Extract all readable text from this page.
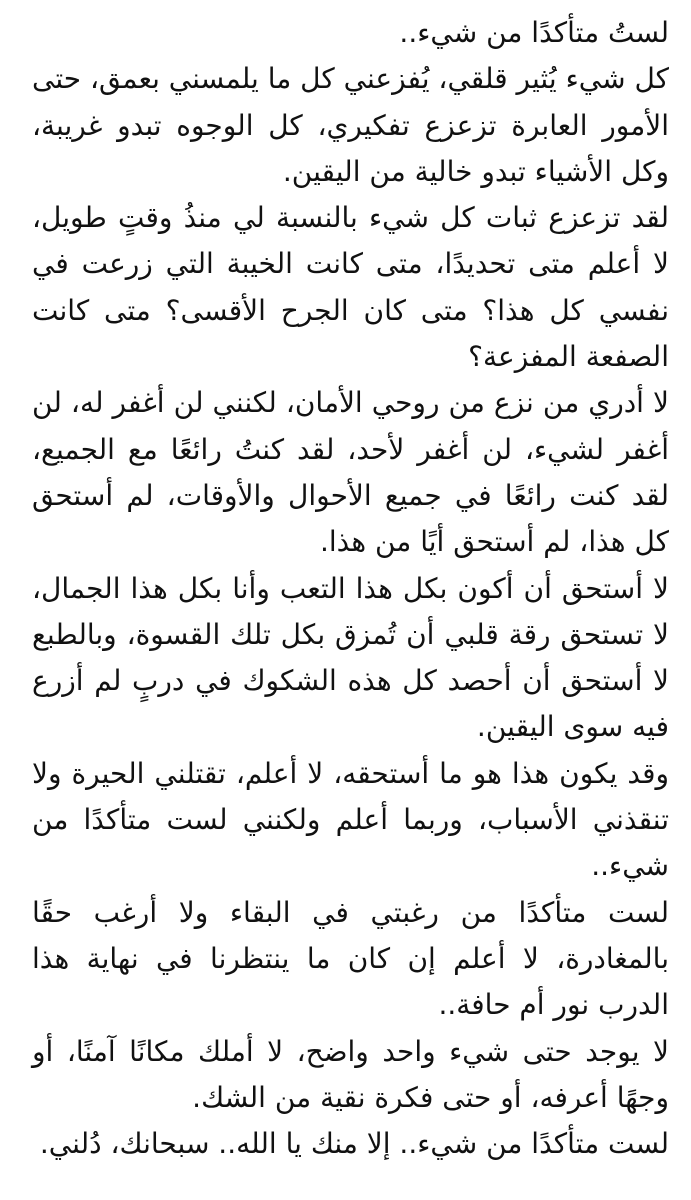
لستُ متأكدًا من شيء..

كل شيء يُثير قلقي، يُفزعني كل ما يلمسني بعمق، حتى الأمور العابرة تزعزع تفكيري، كل الوجوه تبدو غريبة، وكل الأشياء تبدو خالية من اليقين.

لقد تزعزع ثبات كل شيء بالنسبة لي منذُ وقتٍ طويل، لا أعلم متى تحديدًا، متى كانت الخيبة التي زرعت في نفسي كل هذا؟ متى كان الجرح الأقسى؟ متى كانت الصفعة المفزعة؟

لا أدري من نزع من روحي الأمان، لكنني لن أغفر له، لن أغفر لشيء، لن أغفر لأحد، لقد كنتُ رائعًا مع الجميع، لقد كنت رائعًا في جميع الأحوال والأوقات، لم أستحق كل هذا، لم أستحق أيًا من هذا.

لا أستحق أن أكون بكل هذا التعب وأنا بكل هذا الجمال، لا تستحق رقة قلبي أن تُمزق بكل تلك القسوة، وبالطبع لا أستحق أن أحصد كل هذه الشكوك في دربٍ لم أزرع فيه سوى اليقين.

وقد يكون هذا هو ما أستحقه، لا أعلم، تقتلني الحيرة ولا تنقذني الأسباب، وربما أعلم ولكنني لست متأكدًا من شيء..

لست متأكدًا من رغبتي في البقاء ولا أرغب حقًا بالمغادرة، لا أعلم إن كان ما ينتظرنا في نهاية هذا الدرب نور أم حافة..

لا يوجد حتى شيء واحد واضح، لا أملك مكانًا آمنًا، أو وجهًا أعرفه، أو حتى فكرة نقية من الشك.

لست متأكدًا من شيء.. إلا منك يا الله.. سبحانك، دُلني.
